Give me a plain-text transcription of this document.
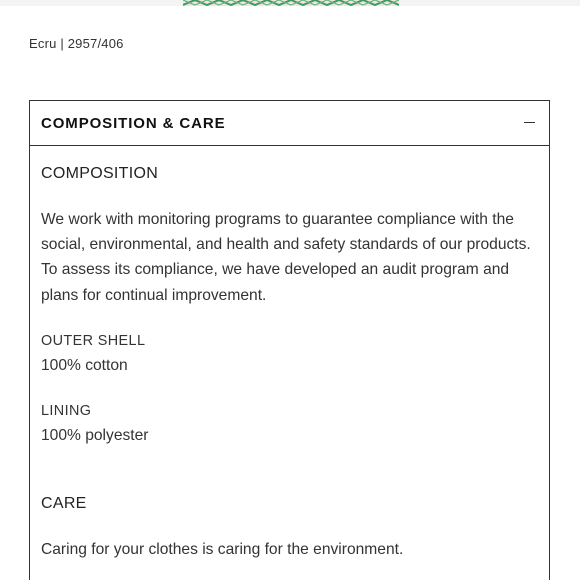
Ecru | 2957/406
COMPOSITION & CARE
COMPOSITION
We work with monitoring programs to guarantee compliance with the social, environmental, and health and safety standards of our products. To assess its compliance, we have developed an audit program and plans for continual improvement.
OUTER SHELL
100% cotton
LINING
100% polyester
CARE
Caring for your clothes is caring for the environment.
